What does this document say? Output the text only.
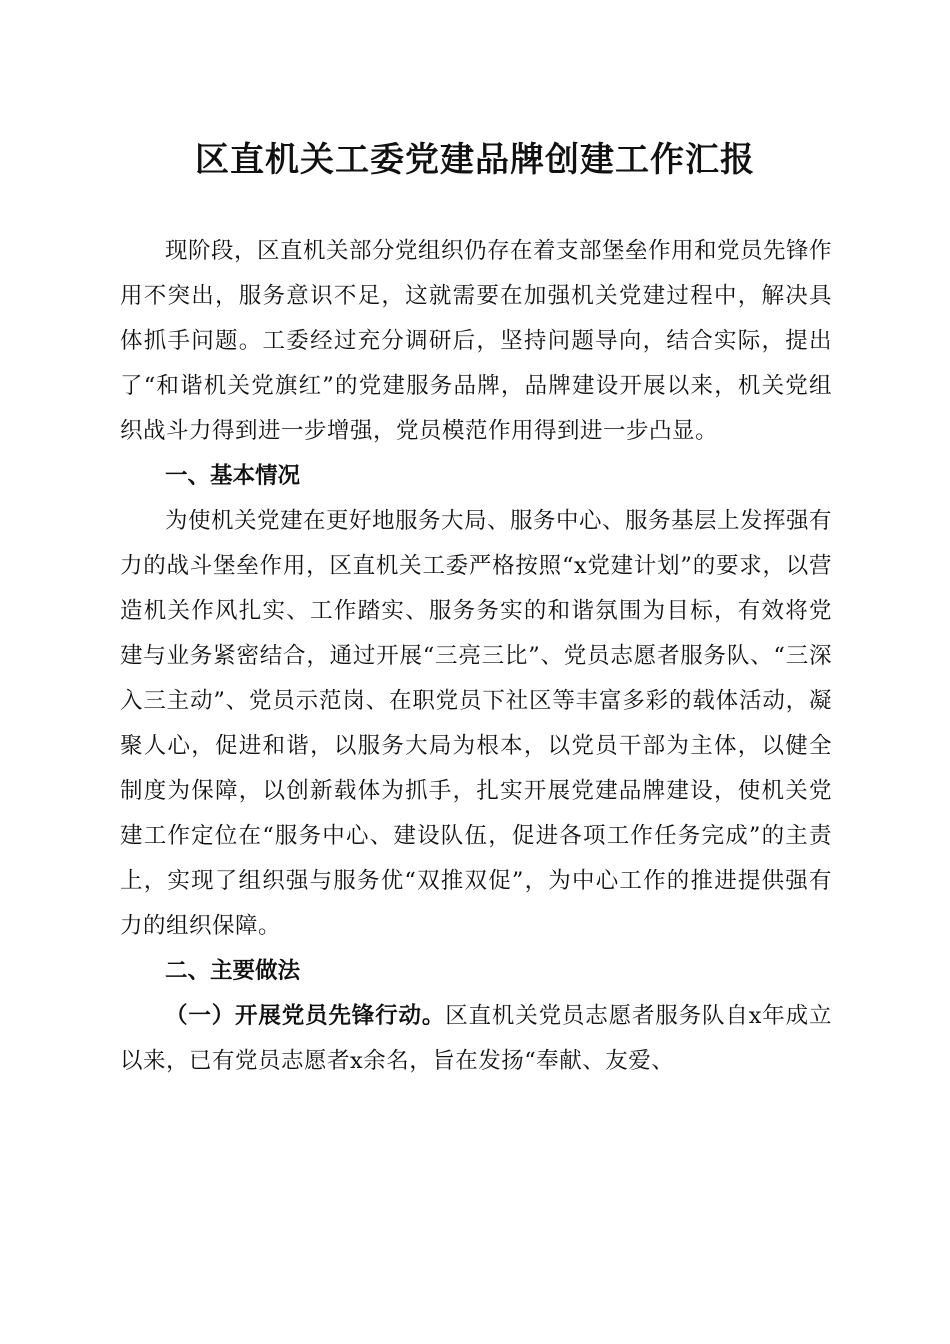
区直机关工委党建品牌创建工作汇报

现阶段，区直机关部分党组织仍存在着支部堡垒作用和党员先锋作用不突出，服务意识不足，这就需要在加强机关党建过程中，解决具体抓手问题。工委经过充分调研后，坚持问题导向，结合实际，提出了“和谐机关党旗红”的党建服务品牌，品牌建设开展以来，机关党组织战斗力得到进一步增强，党员模范作用得到进一步凸显。

一、基本情况

为使机关党建在更好地服务大局、服务中心、服务基层上发挥强有力的战斗堡垒作用，区直机关工委严格按照“x党建计划”的要求，以营造机关作风扎实、工作踏实、服务务实的和谐氛围为目标，有效将党建与业务紧密结合，通过开展“三亮三比”、党员志愿者服务队、“三深入三主动”、党员示范岗、在职党员下社区等丰富多彩的载体活动，凝聚人心，促进和谐，以服务大局为根本，以党员干部为主体，以健全制度为保障，以创新载体为抓手，扎实开展党建品牌建设，使机关党建工作定位在“服务中心、建设队伍，促进各项工作任务完成”的主责上，实现了组织强与服务优“双推双促”，为中心工作的推进提供强有力的组织保障。

二、主要做法

（一）开展党员先锋行动。区直机关党员志愿者服务队自x年成立以来，已有党员志愿者x余名，旨在发扬“奉献、友爱、
